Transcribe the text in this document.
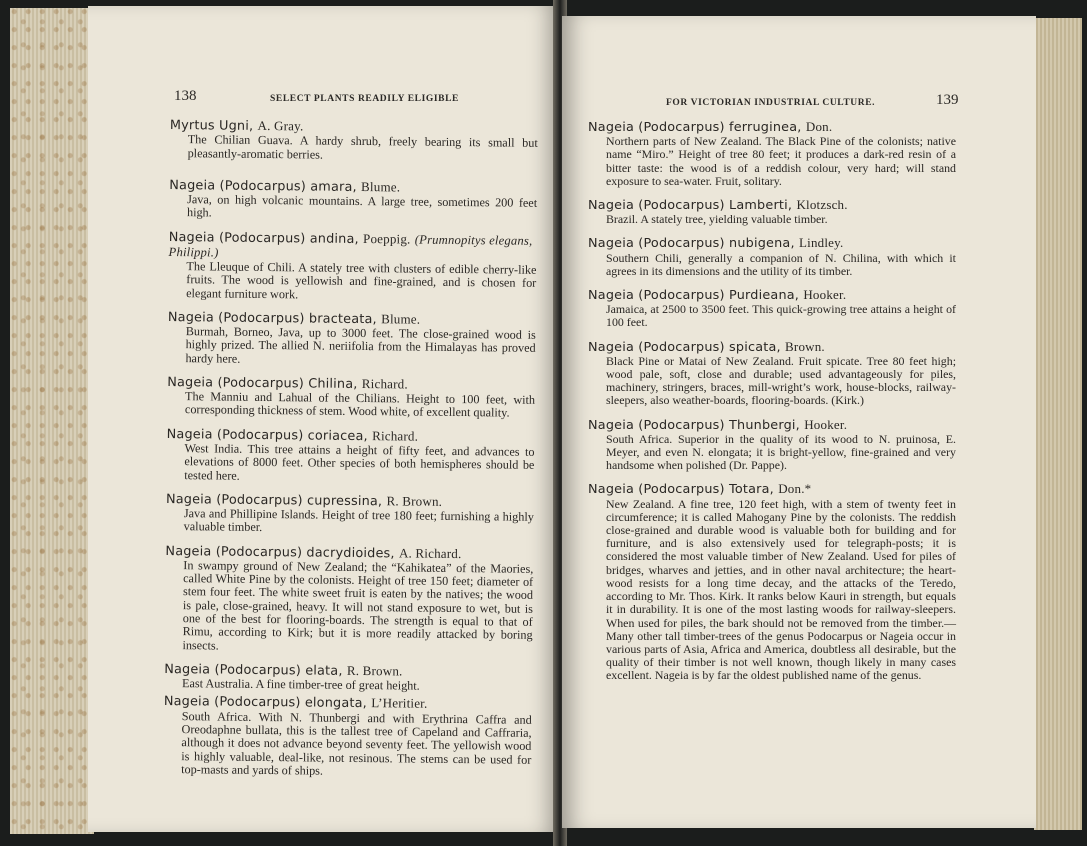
138	SELECT PLANTS READILY ELIGIBLE
Myrtus Ugni, A. Gray.
The Chilian Guava. A hardy shrub, freely bearing its small but pleasantly-aromatic berries.
Nageia (Podocarpus) amara, Blume.
Java, on high volcanic mountains. A large tree, sometimes 200 feet high.
Nageia (Podocarpus) andina, Poeppig. (Prumnopitys elegans, Philippi.)
The Lleuque of Chili. A stately tree with clusters of edible cherry-like fruits. The wood is yellowish and fine-grained, and is chosen for elegant furniture work.
Nageia (Podocarpus) bracteata, Blume.
Burmah, Borneo, Java, up to 3000 feet. The close-grained wood is highly prized. The allied N. neriifolia from the Himalayas has proved hardy here.
Nageia (Podocarpus) Chilina, Richard.
The Manniu and Lahual of the Chilians. Height to 100 feet, with corresponding thickness of stem. Wood white, of excellent quality.
Nageia (Podocarpus) coriacea, Richard.
West India. This tree attains a height of fifty feet, and advances to elevations of 8000 feet. Other species of both hemispheres should be tested here.
Nageia (Podocarpus) cupressina, R. Brown.
Java and Phillipine Islands. Height of tree 180 feet; furnishing a highly valuable timber.
Nageia (Podocarpus) dacrydioides, A. Richard.
In swampy ground of New Zealand; the “Kahikatea” of the Maories, called White Pine by the colonists. Height of tree 150 feet; diameter of stem four feet. The white sweet fruit is eaten by the natives; the wood is pale, close-grained, heavy. It will not stand exposure to wet, but is one of the best for flooring-boards. The strength is equal to that of Rimu, according to Kirk; but it is more readily attacked by boring insects.
Nageia (Podocarpus) elata, R. Brown.
East Australia. A fine timber-tree of great height.
Nageia (Podocarpus) elongata, L’Heritier.
South Africa. With N. Thunbergi and with Erythrina Caffra and Oreodaphne bullata, this is the tallest tree of Capeland and Caffraria, although it does not advance beyond seventy feet. The yellowish wood is highly valuable, deal-like, not resinous. The stems can be used for top-masts and yards of ships.
FOR VICTORIAN INDUSTRIAL CULTURE.	139
Nageia (Podocarpus) ferruginea, Don.
Northern parts of New Zealand. The Black Pine of the colonists; native name “Miro.” Height of tree 80 feet; it produces a dark-red resin of a bitter taste: the wood is of a reddish colour, very hard; will stand exposure to sea-water. Fruit, solitary.
Nageia (Podocarpus) Lamberti, Klotzsch.
Brazil. A stately tree, yielding valuable timber.
Nageia (Podocarpus) nubigena, Lindley.
Southern Chili, generally a companion of N. Chilina, with which it agrees in its dimensions and the utility of its timber.
Nageia (Podocarpus) Purdieana, Hooker.
Jamaica, at 2500 to 3500 feet. This quick-growing tree attains a height of 100 feet.
Nageia (Podocarpus) spicata, Brown.
Black Pine or Matai of New Zealand. Fruit spicate. Tree 80 feet high; wood pale, soft, close and durable; used advantageously for piles, machinery, stringers, braces, mill-wright’s work, house-blocks, railway-sleepers, also weather-boards, flooring-boards. (Kirk.)
Nageia (Podocarpus) Thunbergi, Hooker.
South Africa. Superior in the quality of its wood to N. pruinosa, E. Meyer, and even N. elongata; it is bright-yellow, fine-grained and very handsome when polished (Dr. Pappe).
Nageia (Podocarpus) Totara, Don.*
New Zealand. A fine tree, 120 feet high, with a stem of twenty feet in circumference; it is called Mahogany Pine by the colonists. The reddish close-grained and durable wood is valuable both for building and for furniture, and is also extensively used for telegraph-posts; it is considered the most valuable timber of New Zealand. Used for piles of bridges, wharves and jetties, and in other naval architecture; the heart-wood resists for a long time decay, and the attacks of the Teredo, according to Mr. Thos. Kirk. It ranks below Kauri in strength, but equals it in durability. It is one of the most lasting woods for railway-sleepers. When used for piles, the bark should not be removed from the timber.—Many other tall timber-trees of the genus Podocarpus or Nageia occur in various parts of Asia, Africa and America, doubtless all desirable, but the quality of their timber is not well known, though likely in many cases excellent. Nageia is by far the oldest published name of the genus.
